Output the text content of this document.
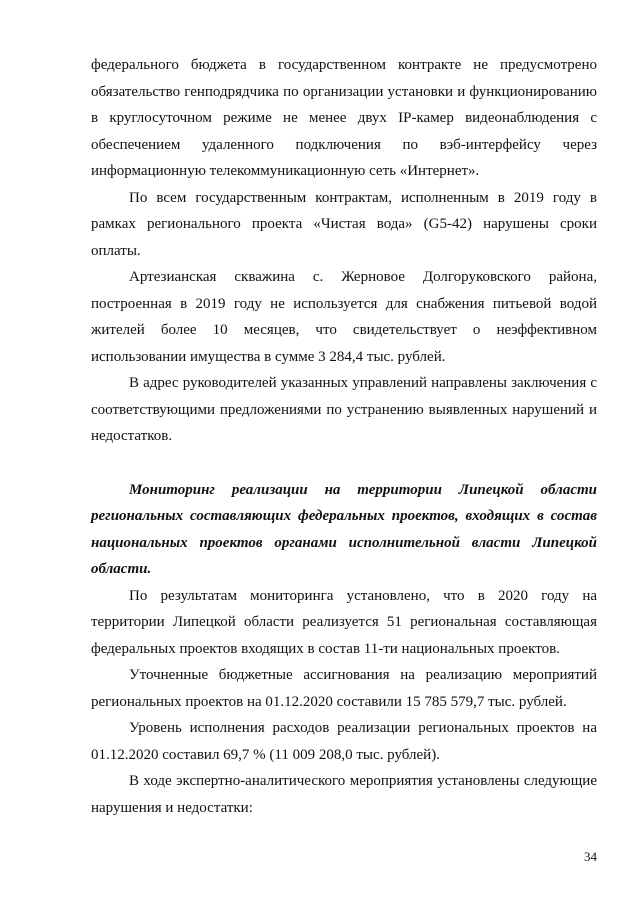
федерального бюджета в государственном контракте не предусмотрено обязательство генподрядчика по организации установки и функционированию в круглосуточном режиме не менее двух IP-камер видеонаблюдения с обеспечением удаленного подключения по вэб-интерфейсу через информационную телекоммуникационную сеть «Интернет».

По всем государственным контрактам, исполненным в 2019 году в рамках регионального проекта «Чистая вода» (G5-42) нарушены сроки оплаты.

Артезианская скважина с. Жерновое Долгоруковского района, построенная в 2019 году не используется для снабжения питьевой водой жителей более 10 месяцев, что свидетельствует о неэффективном использовании имущества в сумме 3 284,4 тыс. рублей.

В адрес руководителей указанных управлений направлены заключения с соответствующими предложениями по устранению выявленных нарушений и недостатков.

Мониторинг реализации на территории Липецкой области региональных составляющих федеральных проектов, входящих в состав национальных проектов органами исполнительной власти Липецкой области.

По результатам мониторинга установлено, что в 2020 году на территории Липецкой области реализуется 51 региональная составляющая федеральных проектов входящих в состав 11-ти национальных проектов.

Уточненные бюджетные ассигнования на реализацию мероприятий региональных проектов на 01.12.2020 составили 15 785 579,7 тыс. рублей.

Уровень исполнения расходов реализации региональных проектов на 01.12.2020 составил 69,7 % (11 009 208,0 тыс. рублей).

В ходе экспертно-аналитического мероприятия установлены следующие нарушения и недостатки:

34
